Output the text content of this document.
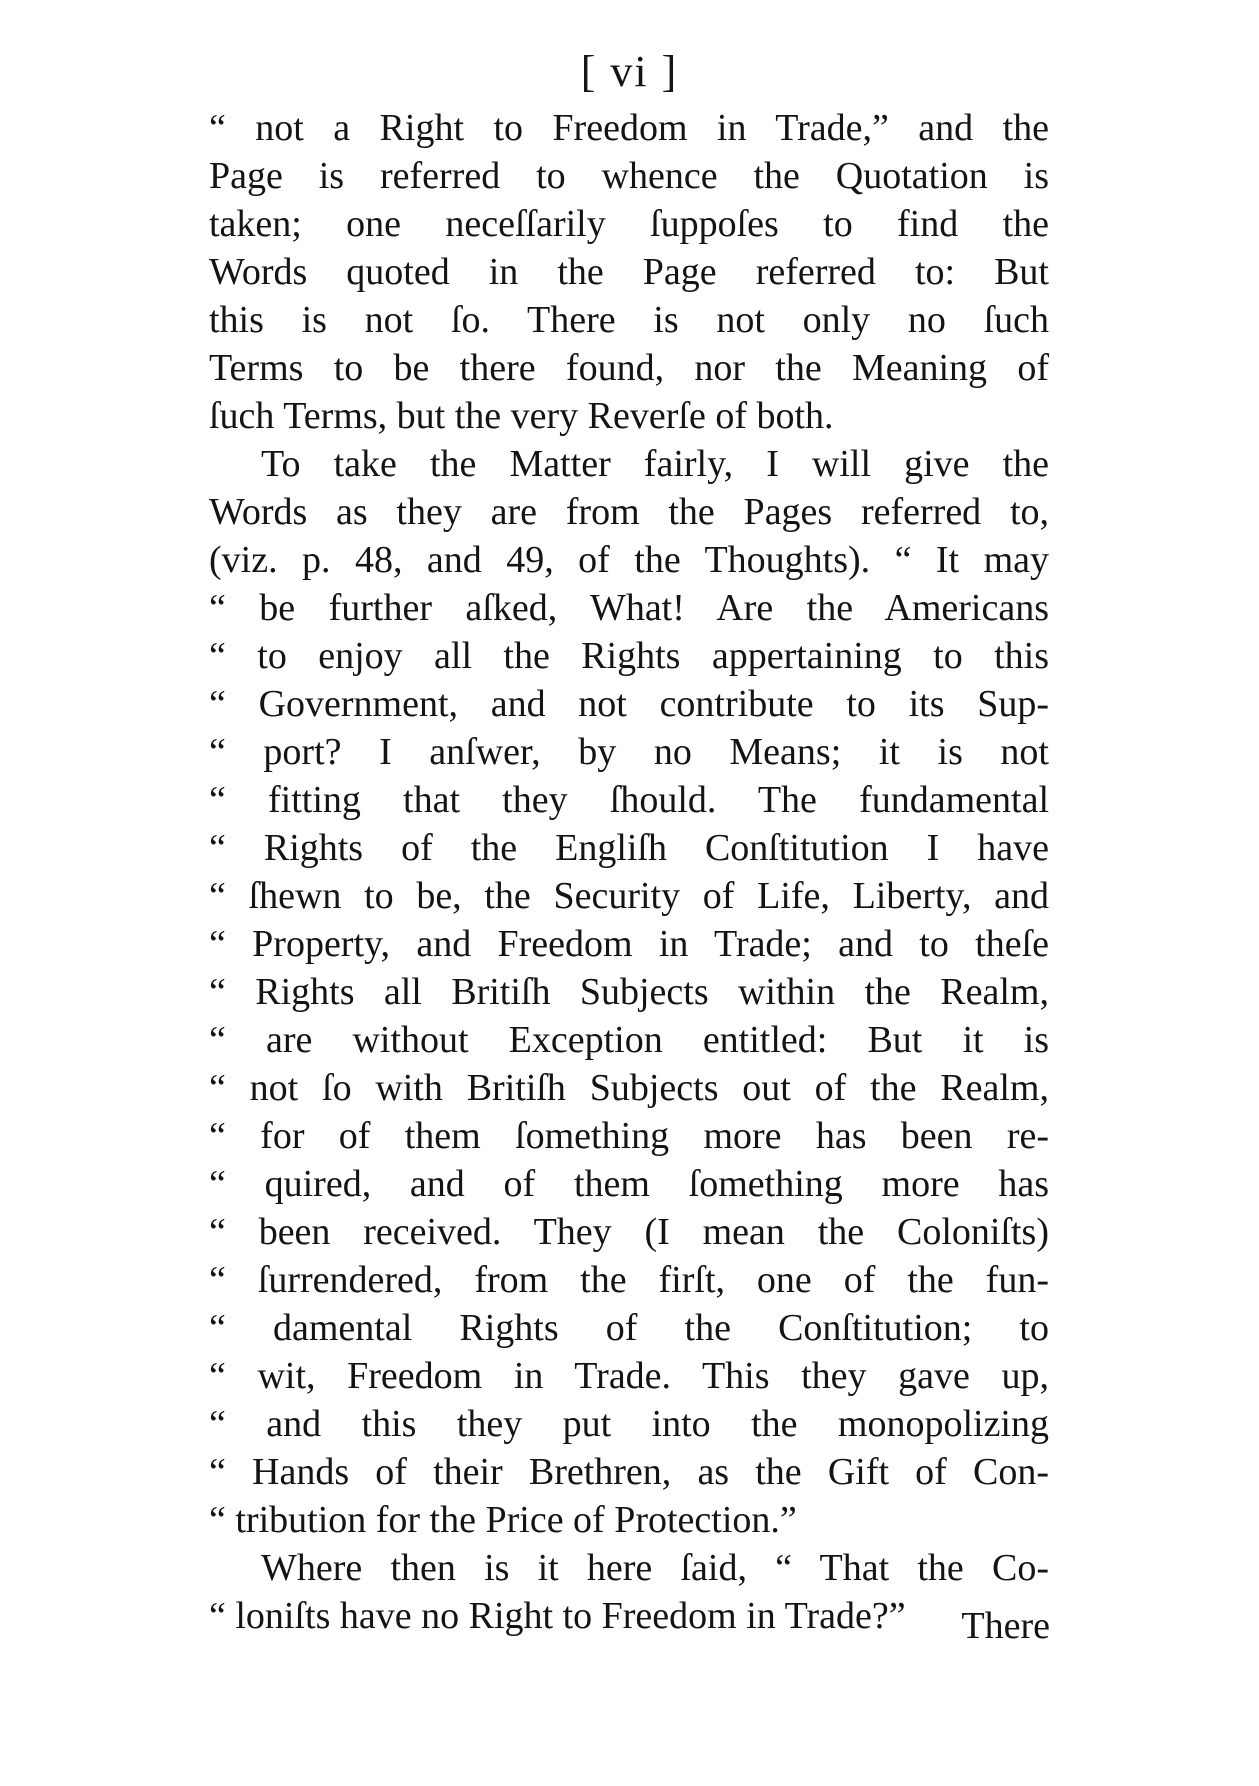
[ vi ]
“ not a Right to Freedom in Trade,” and the
Page is referred to whence the Quotation is
taken; one neceſſarily ſuppoſes to find the
Words quoted in the Page referred to: But
this is not ſo. There is not only no ſuch
Terms to be there found, nor the Meaning of
ſuch Terms, but the very Reverſe of both.
To take the Matter fairly, I will give the
Words as they are from the Pages referred to,
(viz. p. 48, and 49, of the Thoughts). “ It may
“ be further aſked, What! Are the Americans
“ to enjoy all the Rights appertaining to this
“ Government, and not contribute to its Sup-
“ port? I anſwer, by no Means; it is not
“ fitting that they ſhould. The fundamental
“ Rights of the Engliſh Conſtitution I have
“ ſhewn to be, the Security of Life, Liberty, and
“ Property, and Freedom in Trade; and to theſe
“ Rights all Britiſh Subjects within the Realm,
“ are without Exception entitled: But it is
“ not ſo with Britiſh Subjects out of the Realm,
“ for of them ſomething more has been re-
“ quired, and of them ſomething more has
“ been received. They (I mean the Coloniſts)
“ ſurrendered, from the firſt, one of the fun-
“ damental Rights of the Conſtitution; to
“ wit, Freedom in Trade. This they gave up,
“ and this they put into the monopolizing
“ Hands of their Brethren, as the Gift of Con-
“ tribution for the Price of Protection.”
Where then is it here ſaid, “ That the Co-
“ loniſts have no Right to Freedom in Trade?”	There
